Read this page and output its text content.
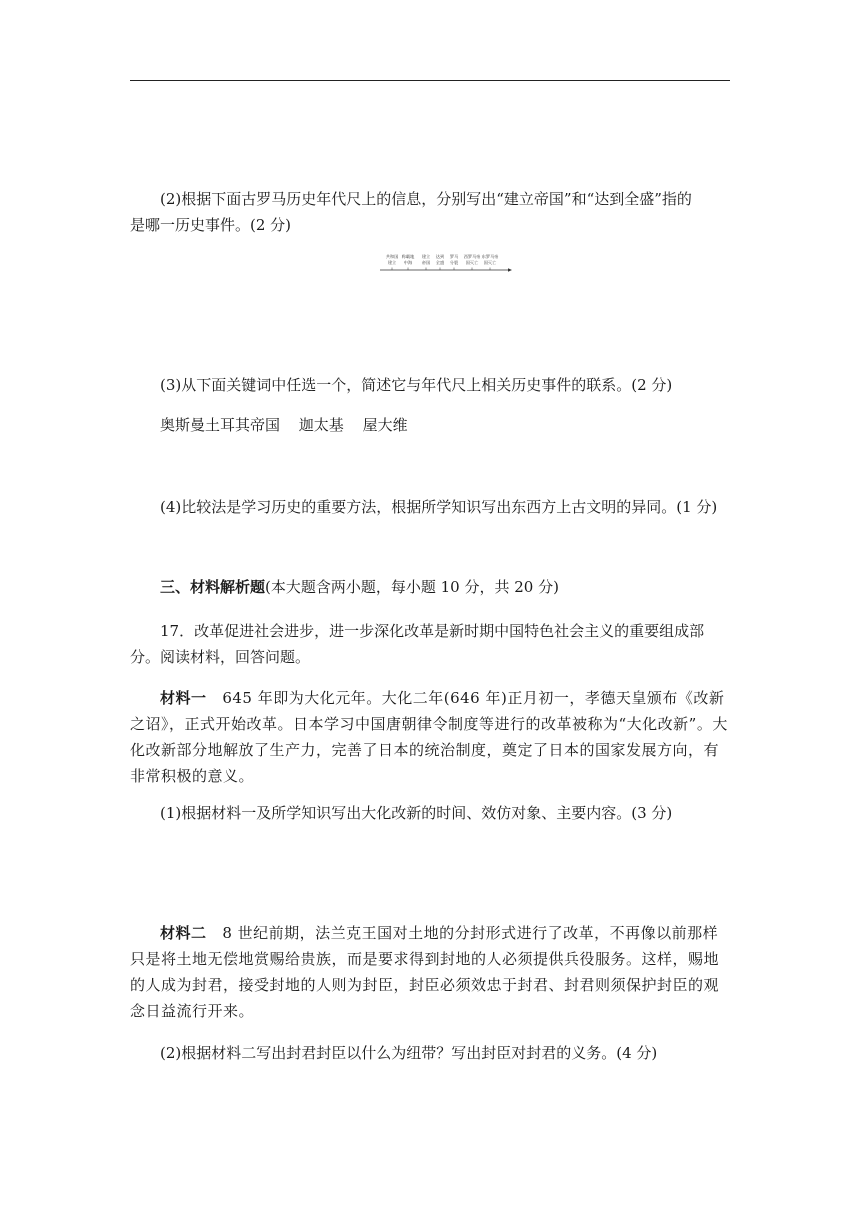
(2)根据下面古罗马历史年代尺上的信息，分别写出“建立帝国”和“达到全盛”指的

是哪一历史事件。(2 分)

共和国
建立
称霸地
中海
建立
帝国
达到
全盛
罗马
分裂
西罗马帝
国灭亡
东罗马帝
国灭亡

(3)从下面关键词中任选一个，简述它与年代尺上相关历史事件的联系。(2 分)

奥斯曼土耳其帝国 迦太基 屋大维

(4)比较法是学习历史的重要方法，根据所学知识写出东西方上古文明的异同。(1 分)

三、材料解析题(本大题含两小题，每小题 10 分，共 20 分)

17．改革促进社会进步，进一步深化改革是新时期中国特色社会主义的重要组成部分。阅读材料，回答问题。

材料一 645 年即为大化元年。大化二年(646 年)正月初一，孝德天皇颁布《改新之诏》，正式开始改革。日本学习中国唐朝律令制度等进行的改革被称为“大化改新”。大化改新部分地解放了生产力，完善了日本的统治制度，奠定了日本的国家发展方向，有非常积极的意义。

(1)根据材料一及所学知识写出大化改新的时间、效仿对象、主要内容。(3 分)

材料二 8 世纪前期，法兰克王国对土地的分封形式进行了改革，不再像以前那样只是将土地无偿地赏赐给贵族，而是要求得到封地的人必须提供兵役服务。这样，赐地的人成为封君，接受封地的人则为封臣，封臣必须效忠于封君、封君则须保护封臣的观念日益流行开来。

(2)根据材料二写出封君封臣以什么为纽带？写出封臣对封君的义务。(4 分)
